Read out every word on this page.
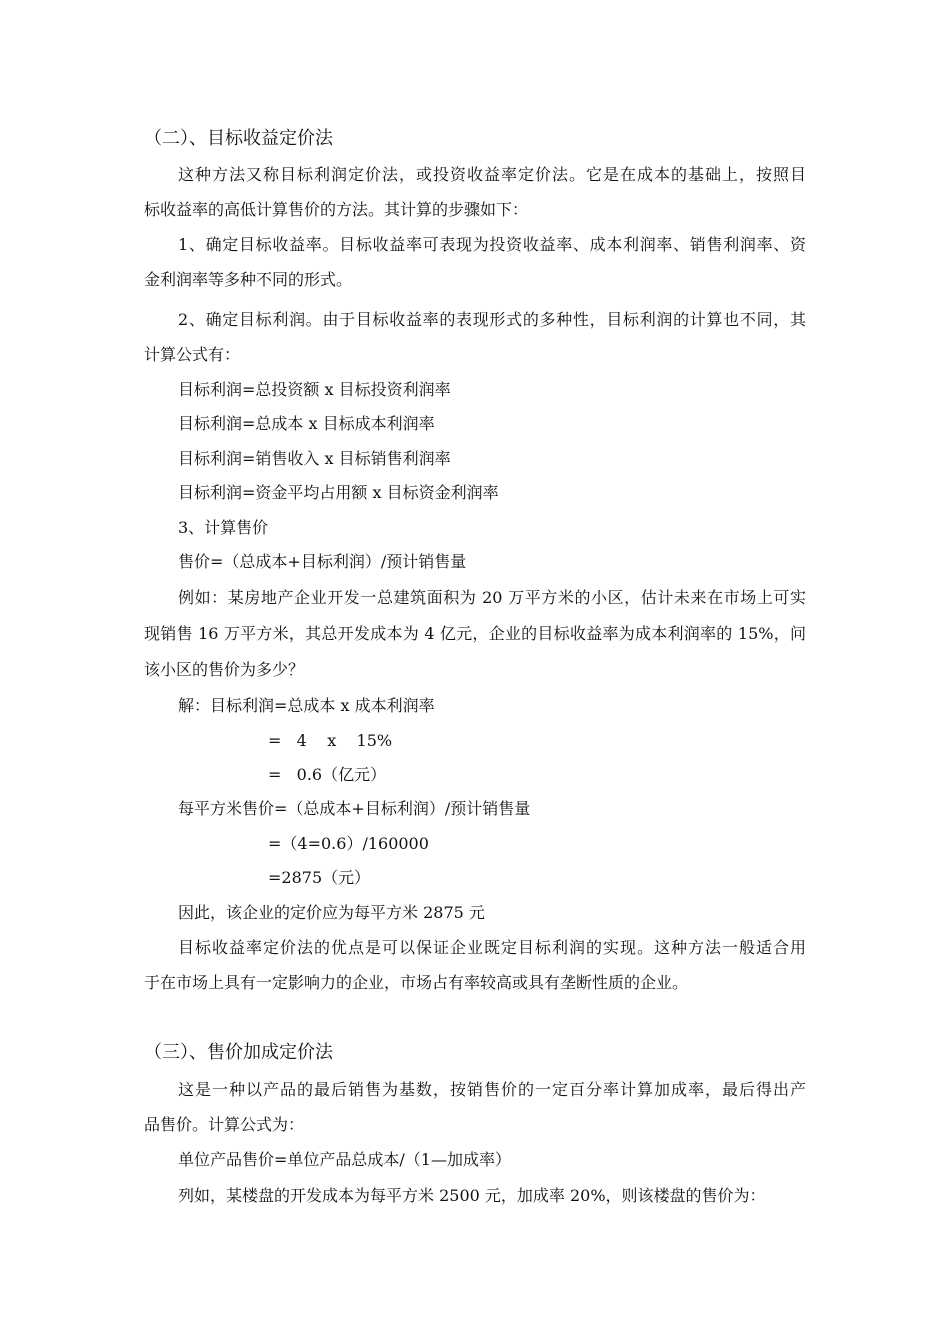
（二）、目标收益定价法
这种方法又称目标利润定价法，或投资收益率定价法。它是在成本的基础上，按照目
标收益率的高低计算售价的方法。其计算的步骤如下：
1、确定目标收益率。目标收益率可表现为投资收益率、成本利润率、销售利润率、资
金利润率等多种不同的形式。
2、确定目标利润。由于目标收益率的表现形式的多种性，目标利润的计算也不同，其
计算公式有：
目标利润=总投资额 x 目标投资利润率
目标利润=总成本 x 目标成本利润率
目标利润=销售收入 x 目标销售利润率
目标利润=资金平均占用额 x 目标资金利润率
3、计算售价
售价=（总成本+目标利润）/预计销售量
例如：某房地产企业开发一总建筑面积为 20 万平方米的小区，估计未来在市场上可实
现销售 16 万平方米，其总开发成本为 4 亿元，企业的目标收益率为成本利润率的 15%，问
该小区的售价为多少？
解：目标利润=总成本 x 成本利润率
=   4    x    15%
=   0.6（亿元）
每平方米售价=（总成本+目标利润）/预计销售量
=（4=0.6）/160000
=2875（元）
因此，该企业的定价应为每平方米 2875 元
目标收益率定价法的优点是可以保证企业既定目标利润的实现。这种方法一般适合用
于在市场上具有一定影响力的企业，市场占有率较高或具有垄断性质的企业。
（三）、售价加成定价法
这是一种以产品的最后销售为基数，按销售价的一定百分率计算加成率，最后得出产
品售价。计算公式为：
单位产品售价=单位产品总成本/（1—加成率）
列如，某楼盘的开发成本为每平方米 2500 元，加成率 20%，则该楼盘的售价为：
